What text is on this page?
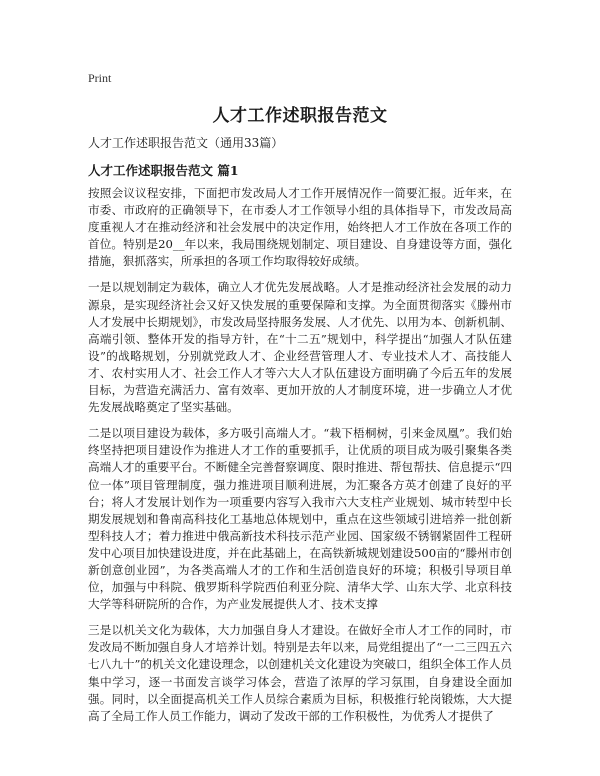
Print
人才工作述职报告范文

人才工作述职报告范文（通用33篇）

人才工作述职报告范文 篇1

按照会议议程安排，下面把市发改局人才工作开展情况作一简要汇报。近年来，在市委、市政府的正确领导下，在市委人才工作领导小组的具体指导下，市发改局高度重视人才在推动经济和社会发展中的决定作用，始终把人才工作放在各项工作的首位。特别是20__年以来，我局围绕规划制定、项目建设、自身建设等方面，强化措施，狠抓落实，所承担的各项工作均取得较好成绩。

一是以规划制定为载体，确立人才优先发展战略。人才是推动经济社会发展的动力源泉，是实现经济社会又好又快发展的重要保障和支撑。为全面贯彻落实《滕州市人才发展中长期规划》，市发改局坚持服务发展、人才优先、以用为本、创新机制、高端引领、整体开发的指导方针，在“十二五”规划中，科学提出“加强人才队伍建设”的战略规划，分别就党政人才、企业经营管理人才、专业技术人才、高技能人才、农村实用人才、社会工作人才等六大人才队伍建设方面明确了今后五年的发展目标，为营造充满活力、富有效率、更加开放的人才制度环境，进一步确立人才优先发展战略奠定了坚实基础。

二是以项目建设为载体，多方吸引高端人才。“栽下梧桐树，引来金凤凰”。我们始终坚持把项目建设作为推进人才工作的重要抓手，让优质的项目成为吸引聚集各类高端人才的重要平台。不断健全完善督察调度、限时推进、帮包帮扶、信息提示“四位一体”项目管理制度，强力推进项目顺利进展，为汇聚各方英才创建了良好的平台；将人才发展计划作为一项重要内容写入我市六大支柱产业规划、城市转型中长期发展规划和鲁南高科技化工基地总体规划中，重点在这些领域引进培养一批创新型科技人才；着力推进中俄高新技术科技示范产业园、国家级不锈钢紧固件工程研发中心项目加快建设进度，并在此基础上，在高铁新城规划建设500亩的“滕州市创新创意创业园”，为各类高端人才的工作和生活创造良好的环境；积极引导项目单位，加强与中科院、俄罗斯科学院西伯利亚分院、清华大学、山东大学、北京科技大学等科研院所的合作，为产业发展提供人才、技术支撑

三是以机关文化为载体，大力加强自身人才建设。在做好全市人才工作的同时，市发改局不断加强自身人才培养计划。特别是去年以来，局党组提出了“一二三四五六七八九十”的机关文化建设理念，以创建机关文化建设为突破口，组织全体工作人员集中学习，逐一书面发言谈学习体会，营造了浓厚的学习氛围，自身建设全面加强。同时，以全面提高机关工作人员综合素质为目标，积极推行轮岗锻炼，大大提高了全局工作人员工作能力，调动了发改干部的工作积极性，为优秀人才提供了
